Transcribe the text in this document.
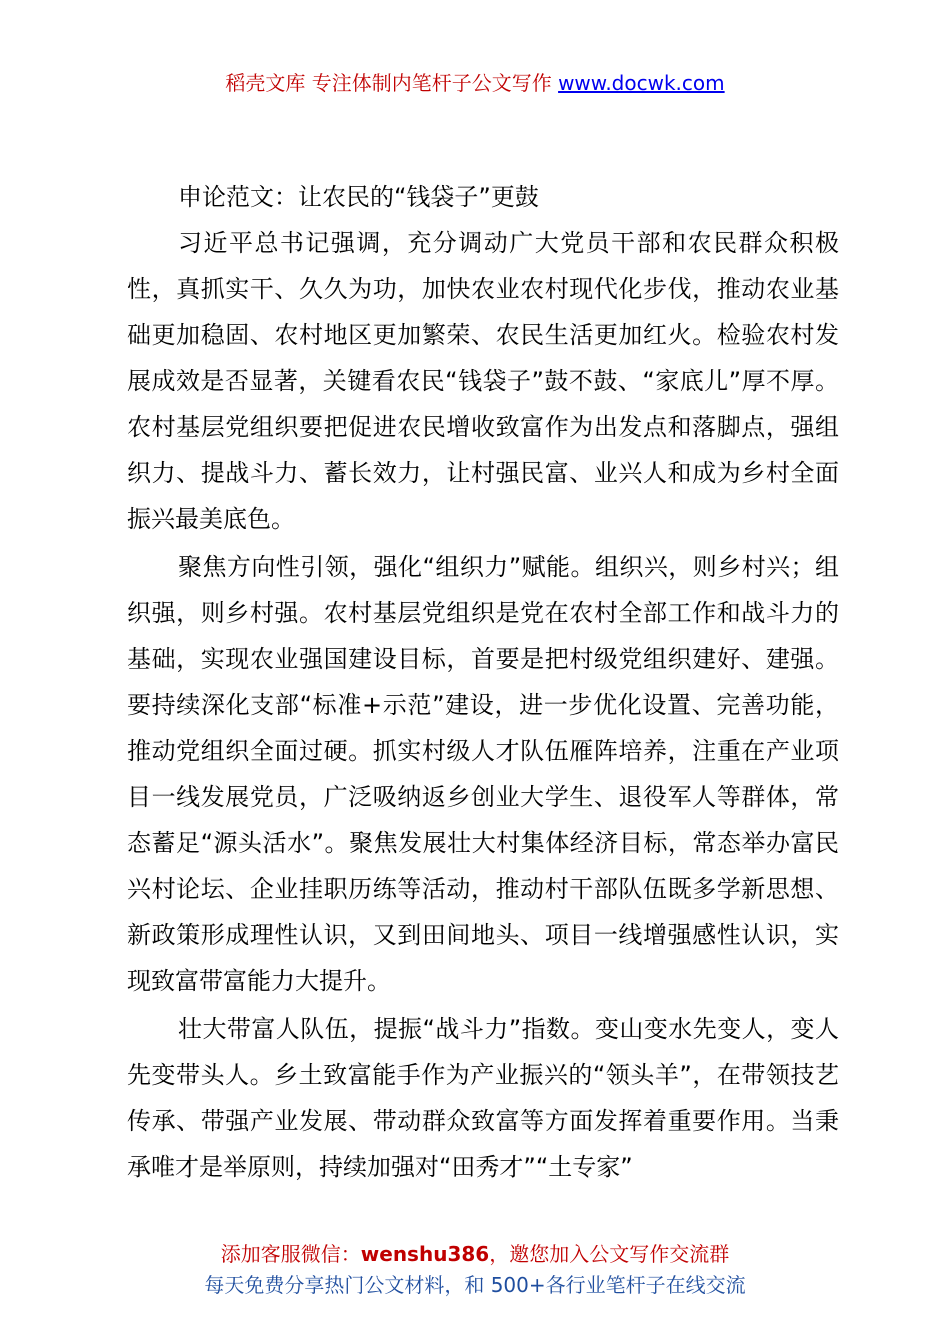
稻壳文库 专注体制内笔杆子公文写作 www.docwk.com

申论范文：让农民的“钱袋子”更鼓

习近平总书记强调，充分调动广大党员干部和农民群众积极性，真抓实干、久久为功，加快农业农村现代化步伐，推动农业基础更加稳固、农村地区更加繁荣、农民生活更加红火。检验农村发展成效是否显著，关键看农民“钱袋子”鼓不鼓、“家底儿”厚不厚。农村基层党组织要把促进农民增收致富作为出发点和落脚点，强组织力、提战斗力、蓄长效力，让村强民富、业兴人和成为乡村全面振兴最美底色。

聚焦方向性引领，强化“组织力”赋能。组织兴，则乡村兴；组织强，则乡村强。农村基层党组织是党在农村全部工作和战斗力的基础，实现农业强国建设目标，首要是把村级党组织建好、建强。要持续深化支部“标准+示范”建设，进一步优化设置、完善功能，推动党组织全面过硬。抓实村级人才队伍雁阵培养，注重在产业项目一线发展党员，广泛吸纳返乡创业大学生、退役军人等群体，常态蓄足“源头活水”。聚焦发展壮大村集体经济目标，常态举办富民兴村论坛、企业挂职历练等活动，推动村干部队伍既多学新思想、新政策形成理性认识，又到田间地头、项目一线增强感性认识，实现致富带富能力大提升。

壮大带富人队伍，提振“战斗力”指数。变山变水先变人，变人先变带头人。乡土致富能手作为产业振兴的“领头羊”，在带领技艺传承、带强产业发展、带动群众致富等方面发挥着重要作用。当秉承唯才是举原则，持续加强对“田秀才”“土专家”

添加客服微信：wenshu386，邀您加入公文写作交流群
每天免费分享热门公文材料，和 500+各行业笔杆子在线交流
